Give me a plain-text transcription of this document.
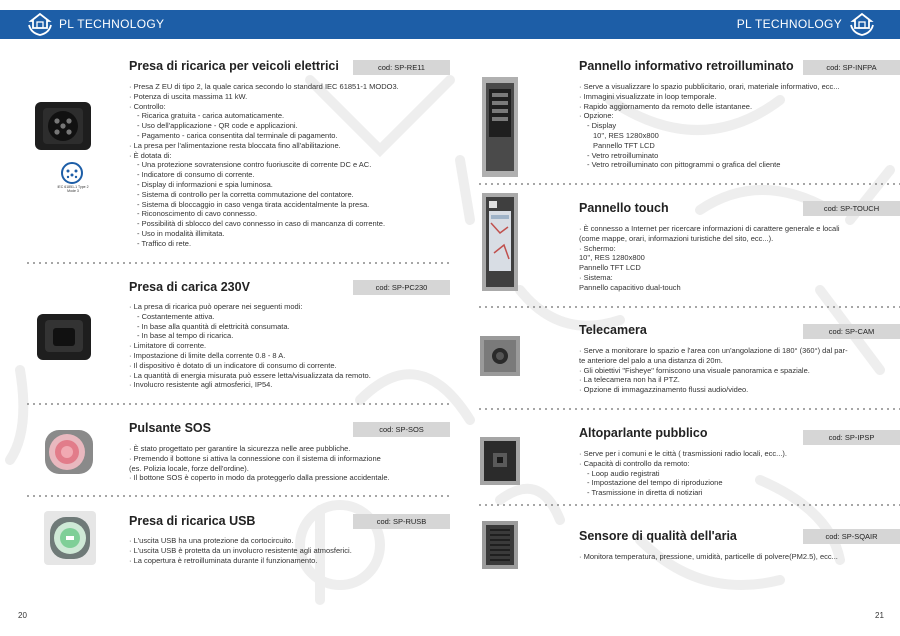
PL TECHNOLOGY	PL TECHNOLOGY
IEC 61851-1 Type 2 Mode 3
Presa di ricarica per veicoli elettrici	cod: SP-RE11
· Presa Z EU di tipo 2, la quale carica secondo lo standard IEC 61851-1 MODO3.
· Potenza di uscita massima 11 kW.
· Controllo:
- Ricarica gratuita - carica automaticamente.
- Uso dell'applicazione - QR code e applicazioni.
- Pagamento - carica consentita dal terminale di pagamento.
· La presa per l'alimentazione resta bloccata fino all'abilitazione.
· È dotata di:
- Una protezione sovratensione contro fuoriuscite di corrente DC e AC.
- Indicatore di consumo di corrente.
- Display di informazioni e spia luminosa.
- Sistema di controllo per la corretta commutazione del contatore.
- Sistema di bloccaggio in caso venga tirata accidentalmente la presa.
- Riconoscimento di cavo connesso.
- Possibilità di sblocco del cavo connesso in caso di mancanza di corrente.
- Uso in modalità illimitata.
- Traffico di rete.
Presa di carica 230V	cod: SP-PC230
· La presa di ricarica può operare nei seguenti modi:
- Costantemente attiva.
- In base alla quantità di elettricità consumata.
- In base al tempo di ricarica.
· Limitatore di corrente.
· Impostazione di limite della corrente 0.8 - 8 A.
· Il dispositivo è dotato di un indicatore di consumo di corrente.
· La quantità di energia misurata può essere letta/visualizzata da remoto.
· Involucro resistente agli atmosferici, IP54.
Pulsante SOS	cod: SP-SOS
· È stato progettato per garantire la sicurezza nelle aree pubbliche.
· Premendo il bottone si attiva la connessione con il sistema di informazione
(es. Polizia locale, forze dell'ordine).
· Il bottone SOS è coperto in modo da proteggerlo dalla pressione accidentale.
Presa di ricarica USB	cod: SP-RUSB
· L'uscita USB ha una protezione da cortocircuito.
· L'uscita USB è protetta da un involucro resistente agli atmosferici.
· La copertura è retroilluminata durante il funzionamento.
20
Pannello informativo retroilluminato	cod: SP-INFPA
· Serve a visualizzare lo spazio pubblicitario, orari, materiale informativo, ecc...
· Immagini visualizzate in loop temporale.
· Rapido aggiornamento da remoto delle istantanee.
· Opzione:
- Display
10'', RES 1280x800
Pannello TFT LCD
- Vetro retroilluminato
- Vetro retroilluminato con pittogrammi o grafica del cliente
Pannello touch	cod: SP-TOUCH
· È connesso a Internet per ricercare informazioni di carattere generale e locali
(come mappe, orari, informazioni turistiche del sito, ecc...).
· Schermo:
10'', RES 1280x800
Pannello TFT LCD
· Sistema:
Pannello capacitivo dual-touch
Telecamera	cod: SP-CAM
· Serve a monitorare lo spazio e l'area con un'angolazione di 180° (360°) dal par-
te anteriore del palo a una distanza di 20m.
· Gli obiettivi "Fisheye" forniscono una visuale panoramica e spaziale.
· La telecamera non ha il PTZ.
· Opzione di immagazzinamento flussi audio/video.
Altoparlante pubblico	cod: SP-IPSP
· Serve per i comuni e le città ( trasmissioni radio locali, ecc...).
· Capacità di controllo da remoto:
- Loop audio registrati
- Impostazione del tempo di riproduzione
- Trasmissione in diretta di notiziari
Sensore di qualità dell'aria	cod: SP-SQAIR
· Monitora temperatura, pressione, umidità, particelle di polvere(PM2.5), ecc...
21
